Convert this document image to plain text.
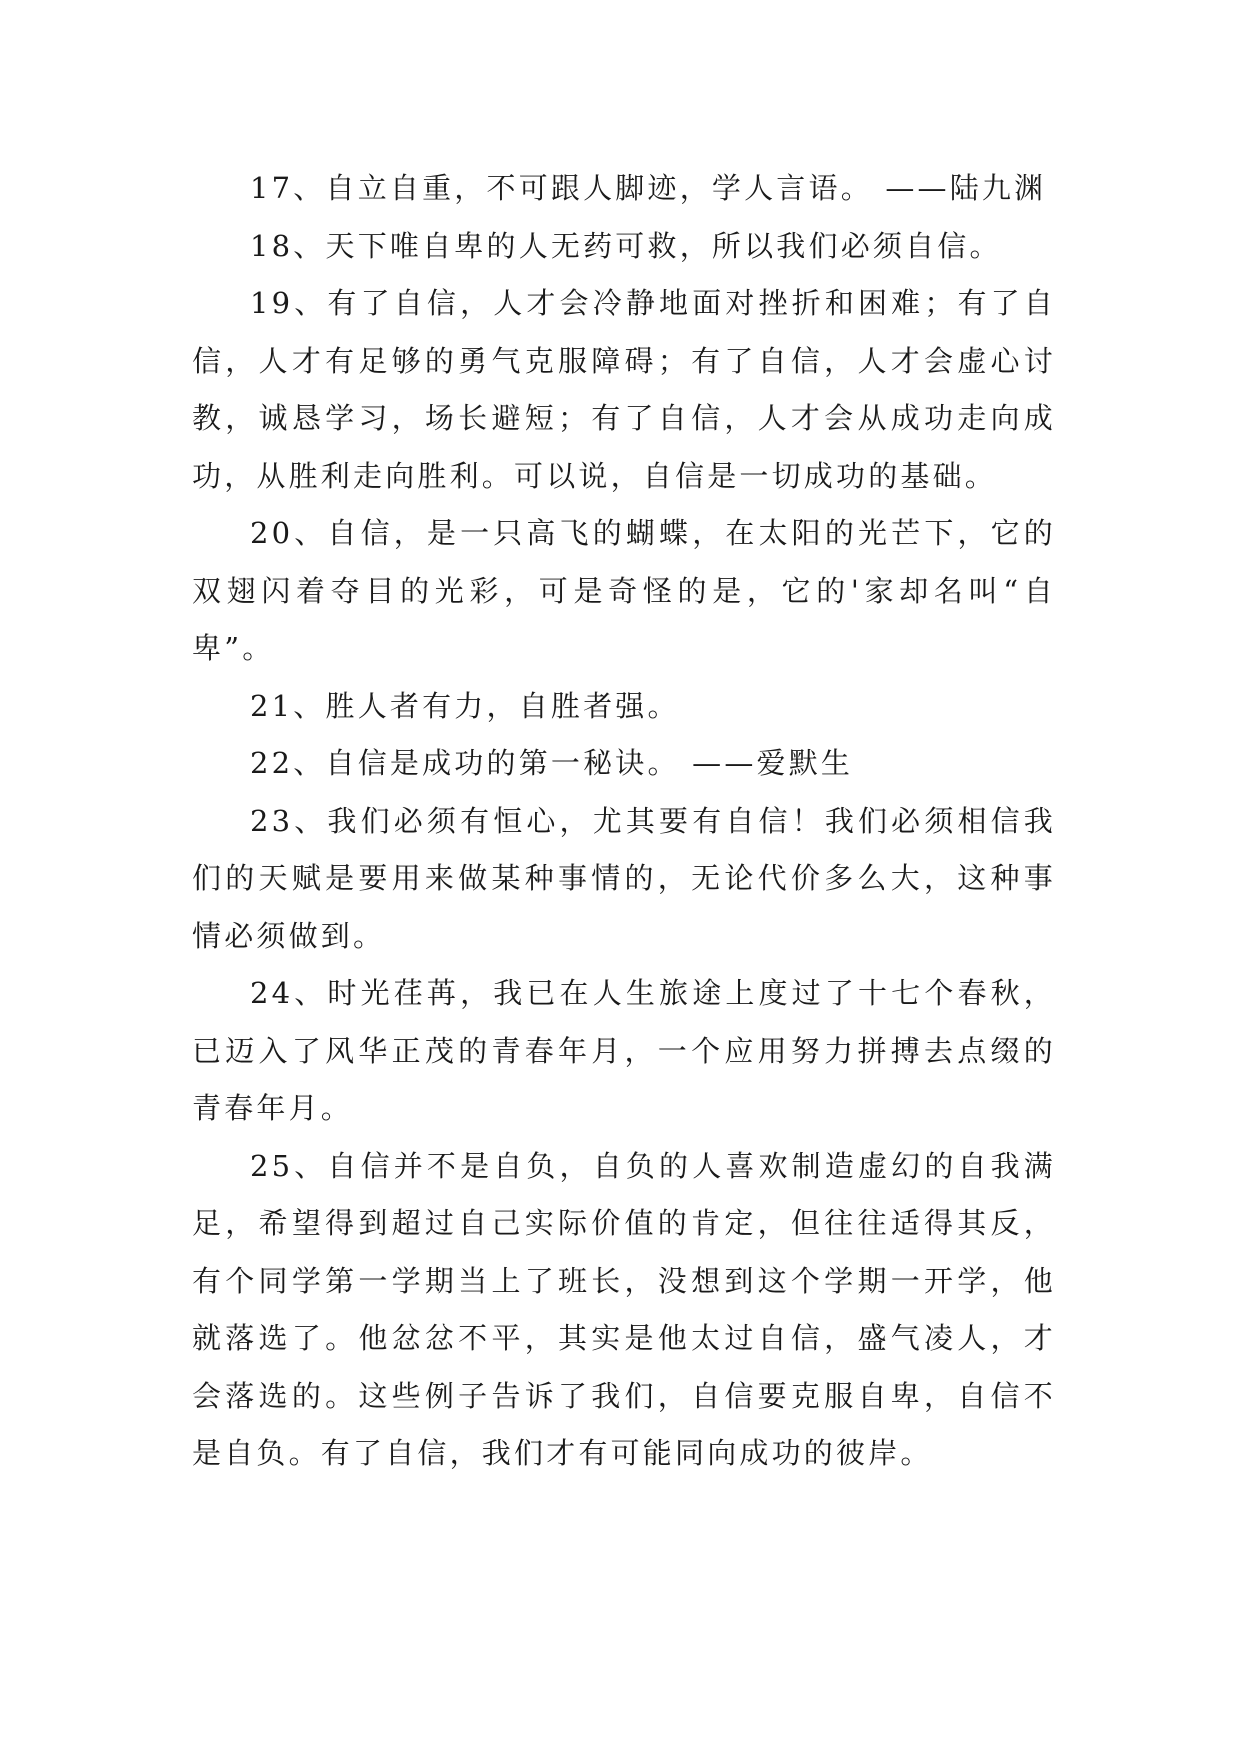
17、自立自重，不可跟人脚迹，学人言语。 ——陆九渊

18、天下唯自卑的人无药可救，所以我们必须自信。

19、有了自信，人才会冷静地面对挫折和困难；有了自信，人才有足够的勇气克服障碍；有了自信，人才会虚心讨教，诚恳学习，场长避短；有了自信，人才会从成功走向成功，从胜利走向胜利。可以说，自信是一切成功的基础。

20、自信，是一只高飞的蝴蝶，在太阳的光芒下，它的双翅闪着夺目的光彩，可是奇怪的是，它的'家却名叫“自卑”。

21、胜人者有力，自胜者强。

22、自信是成功的第一秘诀。 ——爱默生

23、我们必须有恒心，尤其要有自信！我们必须相信我们的天赋是要用来做某种事情的，无论代价多么大，这种事情必须做到。

24、时光荏苒，我已在人生旅途上度过了十七个春秋，已迈入了风华正茂的青春年月，一个应用努力拼搏去点缀的青春年月。

25、自信并不是自负，自负的人喜欢制造虚幻的自我满足，希望得到超过自己实际价值的肯定，但往往适得其反，有个同学第一学期当上了班长，没想到这个学期一开学，他就落选了。他忿忿不平，其实是他太过自信，盛气凌人，才会落选的。这些例子告诉了我们，自信要克服自卑，自信不是自负。有了自信，我们才有可能同向成功的彼岸。
